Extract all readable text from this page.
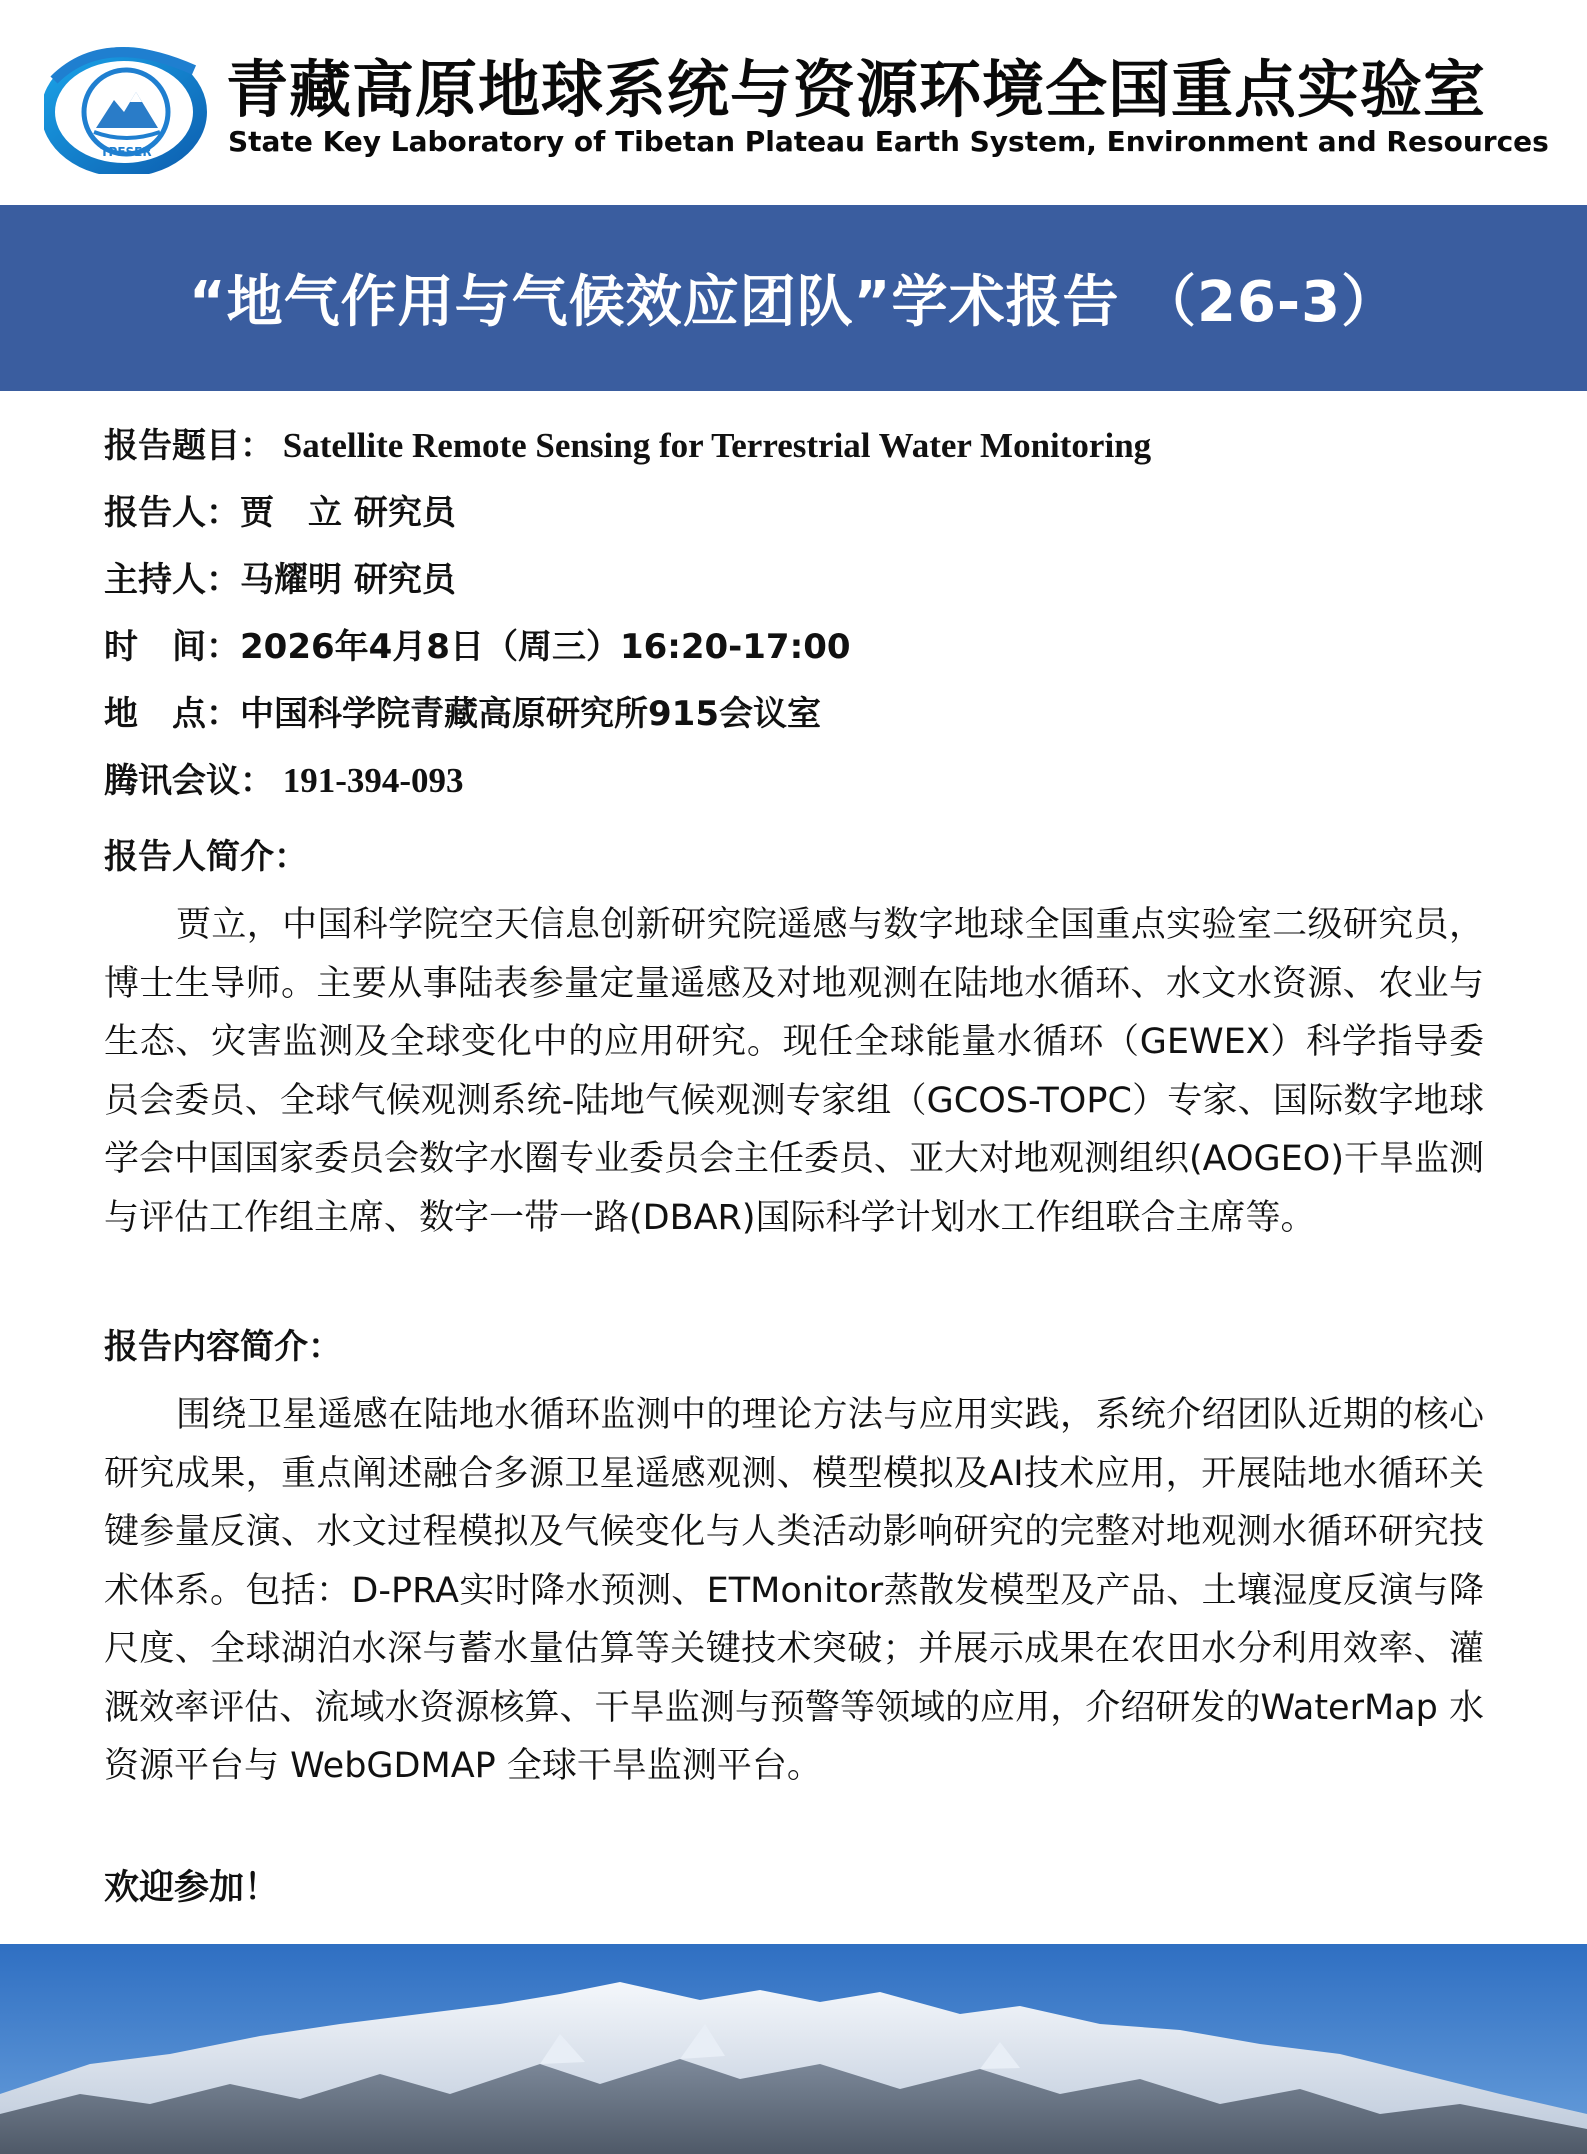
TPESER
青藏高原地球系统与资源环境全国重点实验室
State Key Laboratory of Tibetan Plateau Earth System, Environment and Resources
“地气作用与气候效应团队”学术报告 （26-3）
报告题目： Satellite Remote Sensing for Terrestrial Water Monitoring
报告人：贾　立 研究员
主持人：马耀明 研究员
时　间：2026年4月8日（周三）16:20-17:00
地　点：中国科学院青藏高原研究所915会议室
腾讯会议： 191-394-093
报告人简介：
贾立，中国科学院空天信息创新研究院遥感与数字地球全国重点实验室二级研究员，博士生导师。主要从事陆表参量定量遥感及对地观测在陆地水循环、水文水资源、农业与生态、灾害监测及全球变化中的应用研究。现任全球能量水循环（GEWEX）科学指导委员会委员、全球气候观测系统-陆地气候观测专家组（GCOS-TOPC）专家、国际数字地球学会中国国家委员会数字水圈专业委员会主任委员、亚大对地观测组织(AOGEO)干旱监测与评估工作组主席、数字一带一路(DBAR)国际科学计划水工作组联合主席等。
报告内容简介：
围绕卫星遥感在陆地水循环监测中的理论方法与应用实践，系统介绍团队近期的核心研究成果，重点阐述融合多源卫星遥感观测、模型模拟及AI技术应用，开展陆地水循环关键参量反演、水文过程模拟及气候变化与人类活动影响研究的完整对地观测水循环研究技术体系。包括：D-PRA实时降水预测、ETMonitor蒸散发模型及产品、土壤湿度反演与降尺度、全球湖泊水深与蓄水量估算等关键技术突破；并展示成果在农田水分利用效率、灌溉效率评估、流域水资源核算、干旱监测与预警等领域的应用，介绍研发的WaterMap 水资源平台与 WebGDMAP 全球干旱监测平台。
欢迎参加！
